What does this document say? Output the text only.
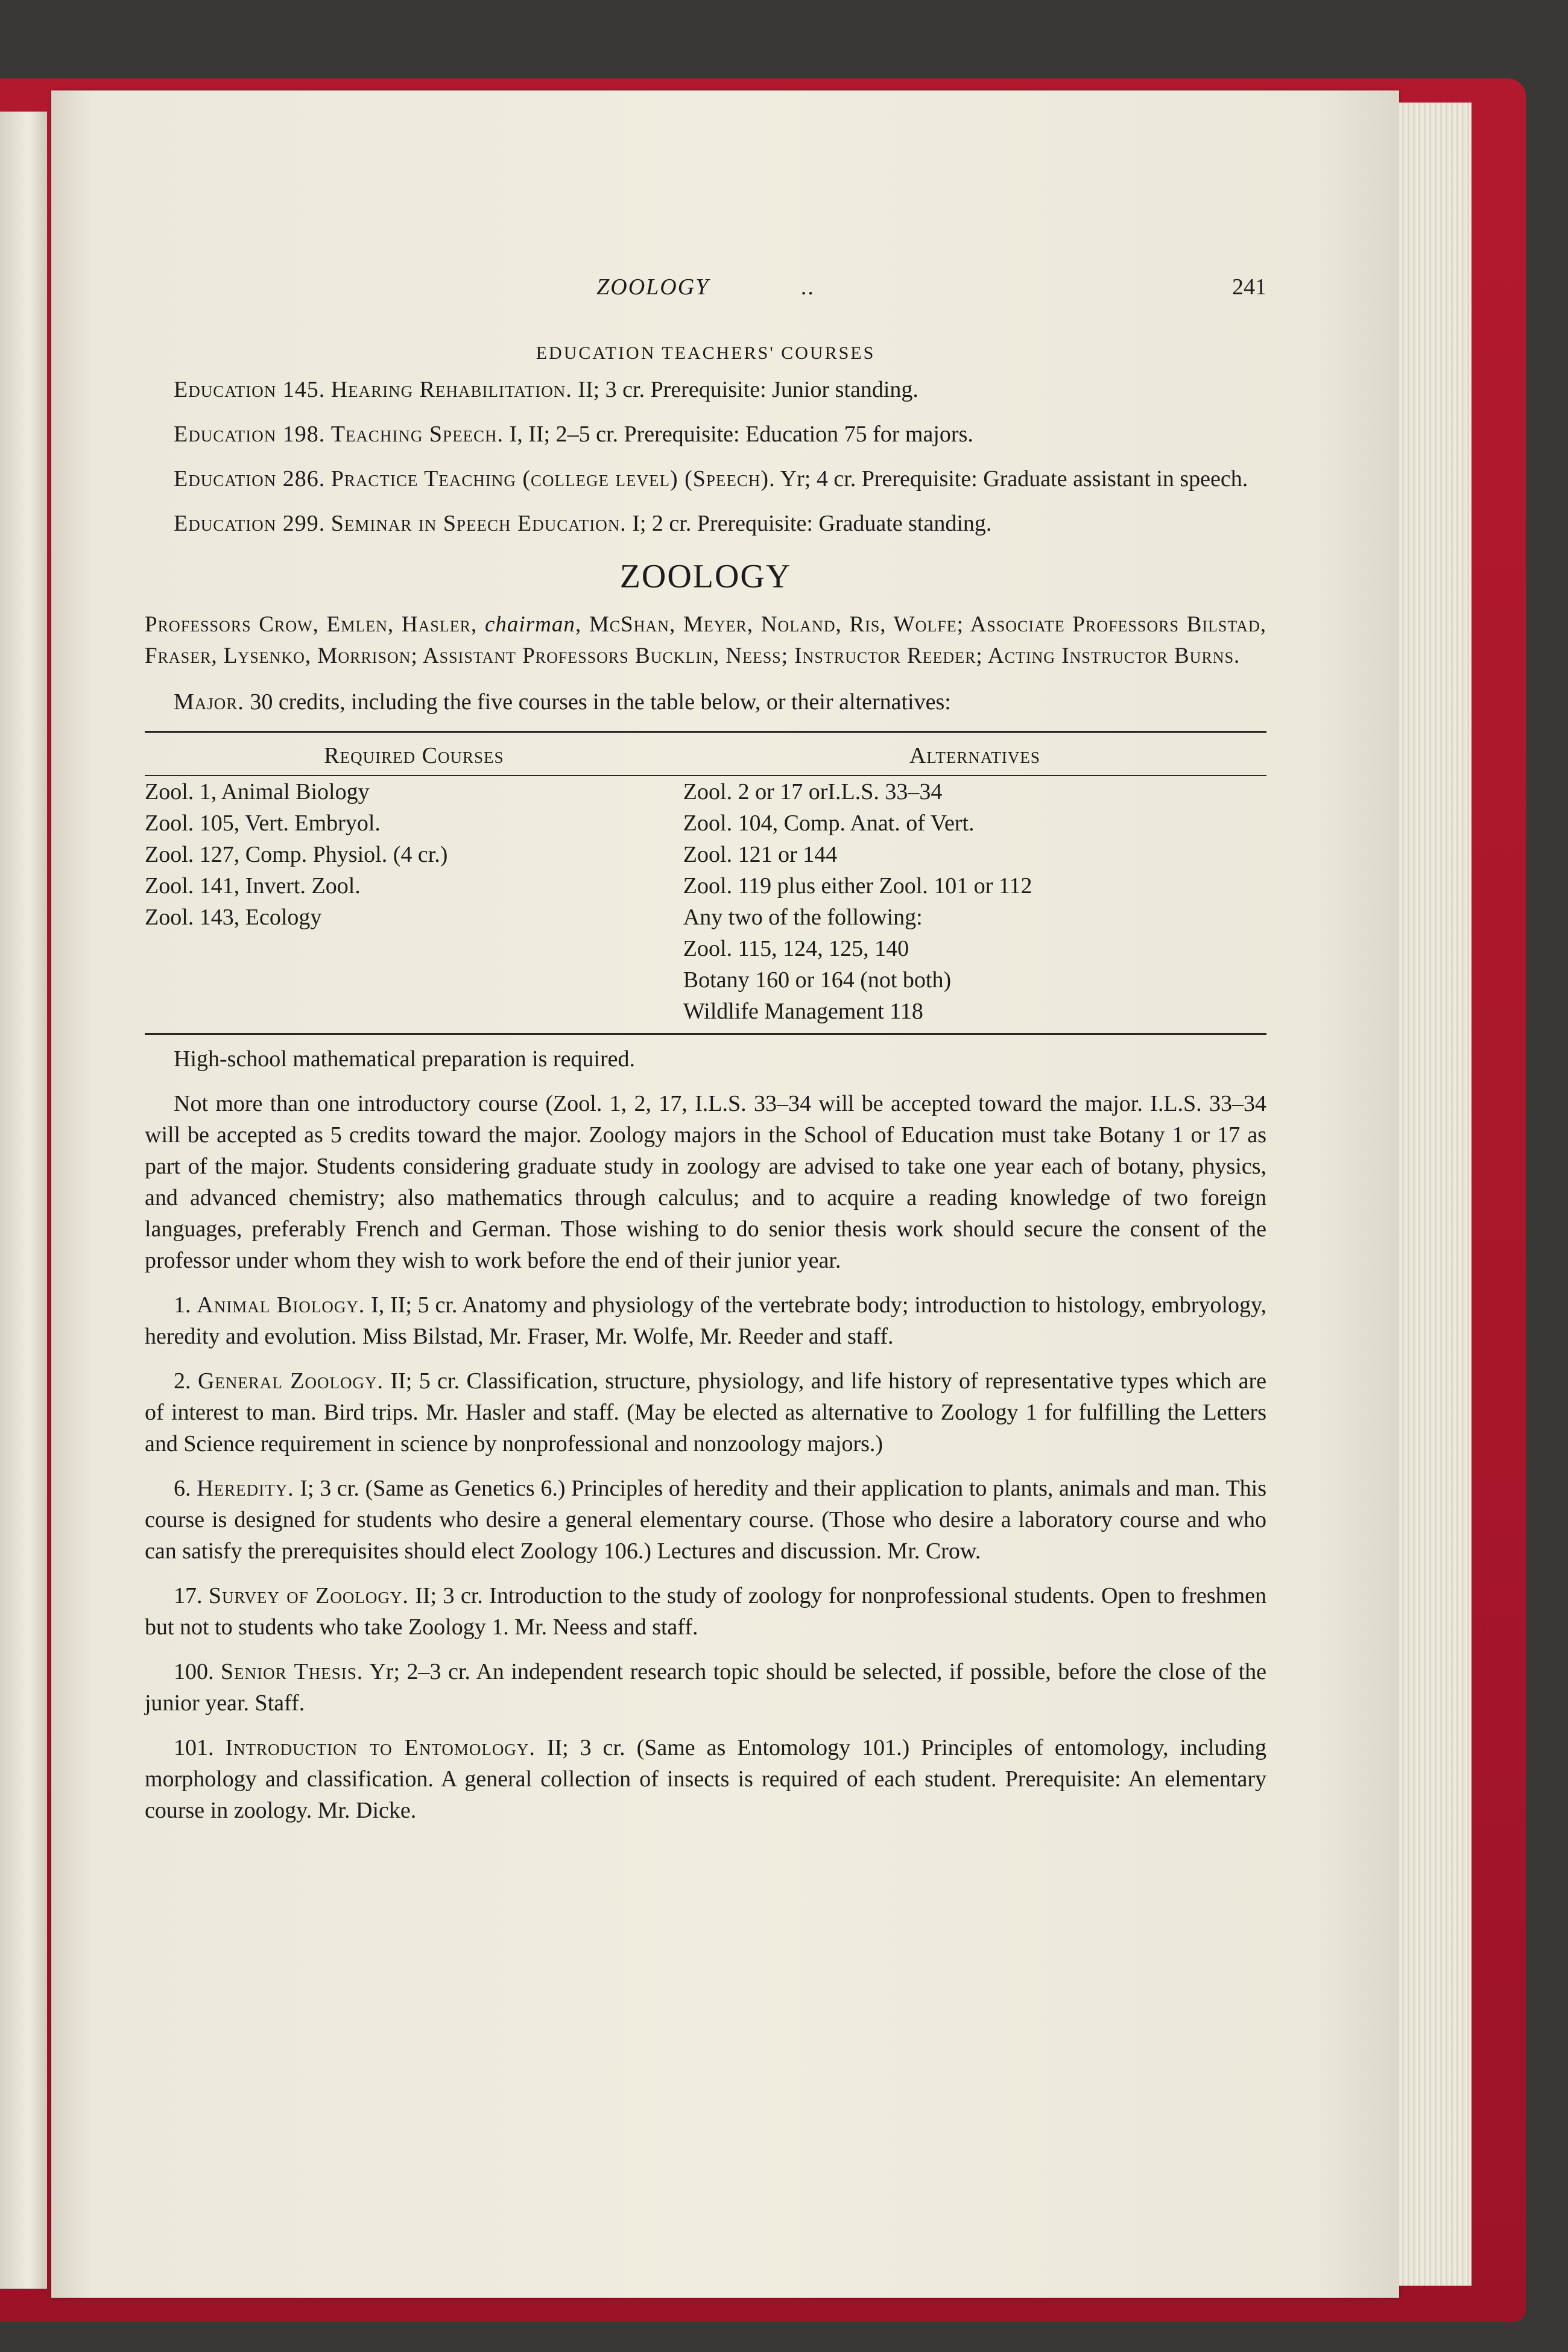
ZOOLOGY	..	241
EDUCATION TEACHERS' COURSES

Education 145. Hearing Rehabilitation. II; 3 cr. Prerequisite: Junior standing.

Education 198. Teaching Speech. I, II; 2–5 cr. Prerequisite: Education 75 for majors.

Education 286. Practice Teaching (college level) (Speech). Yr; 4 cr. Prerequisite: Graduate assistant in speech.

Education 299. Seminar in Speech Education. I; 2 cr. Prerequisite: Graduate standing.

ZOOLOGY
Professors Crow, Emlen, Hasler, chairman, McShan, Meyer, Noland, Ris, Wolfe; Associate Professors Bilstad, Fraser, Lysenko, Morrison; Assistant Professors Bucklin, Neess; Instructor Reeder; Acting Instructor Burns.

Major. 30 credits, including the five courses in the table below, or their alternatives:

Required Courses	Alternatives
Zool. 1, Animal Biology	Zool. 2 or 17 orI.L.S. 33–34
Zool. 105, Vert. Embryol.	Zool. 104, Comp. Anat. of Vert.
Zool. 127, Comp. Physiol. (4 cr.)	Zool. 121 or 144
Zool. 141, Invert. Zool.	Zool. 119 plus either Zool. 101 or 112
Zool. 143, Ecology	Any two of the following:
	Zool. 115, 124, 125, 140
	Botany 160 or 164 (not both)
	Wildlife Management 118

High-school mathematical preparation is required.

Not more than one introductory course (Zool. 1, 2, 17, I.L.S. 33–34 will be accepted toward the major. I.L.S. 33–34 will be accepted as 5 credits toward the major. Zoology majors in the School of Education must take Botany 1 or 17 as part of the major. Students considering graduate study in zoology are advised to take one year each of botany, physics, and advanced chemistry; also mathematics through calculus; and to acquire a reading knowledge of two foreign languages, preferably French and German. Those wishing to do senior thesis work should secure the consent of the professor under whom they wish to work before the end of their junior year.

1. Animal Biology. I, II; 5 cr. Anatomy and physiology of the vertebrate body; introduction to histology, embryology, heredity and evolution. Miss Bilstad, Mr. Fraser, Mr. Wolfe, Mr. Reeder and staff.

2. General Zoology. II; 5 cr. Classification, structure, physiology, and life history of representative types which are of interest to man. Bird trips. Mr. Hasler and staff. (May be elected as alternative to Zoology 1 for fulfilling the Letters and Science requirement in science by nonprofessional and nonzoology majors.)

6. Heredity. I; 3 cr. (Same as Genetics 6.) Principles of heredity and their application to plants, animals and man. This course is designed for students who desire a general elementary course. (Those who desire a laboratory course and who can satisfy the prerequisites should elect Zoology 106.) Lectures and discussion. Mr. Crow.

17. Survey of Zoology. II; 3 cr. Introduction to the study of zoology for nonprofessional students. Open to freshmen but not to students who take Zoology 1. Mr. Neess and staff.

100. Senior Thesis. Yr; 2–3 cr. An independent research topic should be selected, if possible, before the close of the junior year. Staff.

101. Introduction to Entomology. II; 3 cr. (Same as Entomology 101.) Principles of entomology, including morphology and classification. A general collection of insects is required of each student. Prerequisite: An elementary course in zoology. Mr. Dicke.
